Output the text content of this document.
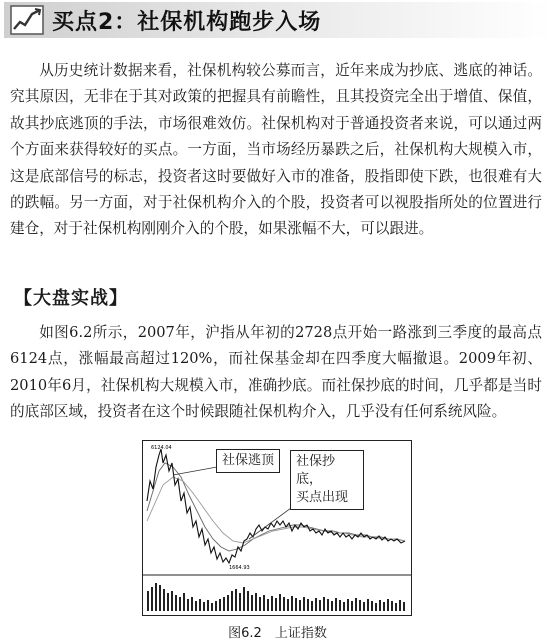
买点2：社保机构跑步入场

从历史统计数据来看，社保机构较公募而言，近年来成为抄底、逃底的神话。究其原因，无非在于其对政策的把握具有前瞻性，且其投资完全出于增值、保值，故其抄底逃顶的手法，市场很难效仿。社保机构对于普通投资者来说，可以通过两个方面来获得较好的买点。一方面，当市场经历暴跌之后，社保机构大规模入市，这是底部信号的标志，投资者这时要做好入市的准备，股指即使下跌，也很难有大的跌幅。另一方面，对于社保机构介入的个股，投资者可以视股指所处的位置进行建仓，对于社保机构刚刚介入的个股，如果涨幅不大，可以跟进。

【大盘实战】

如图6.2所示，2007年，沪指从年初的2728点开始一路涨到三季度的最高点6124点，涨幅最高超过120%，而社保基金却在四季度大幅撤退。2009年初、2010年6月，社保机构大规模入市，准确抄底。而社保抄底的时间，几乎都是当时的底部区域，投资者在这个时候跟随社保机构介入，几乎没有任何系统风险。

6124.04
1664.93
社保逃顶	社保抄底，
买点出现
图6.2　上证指数
